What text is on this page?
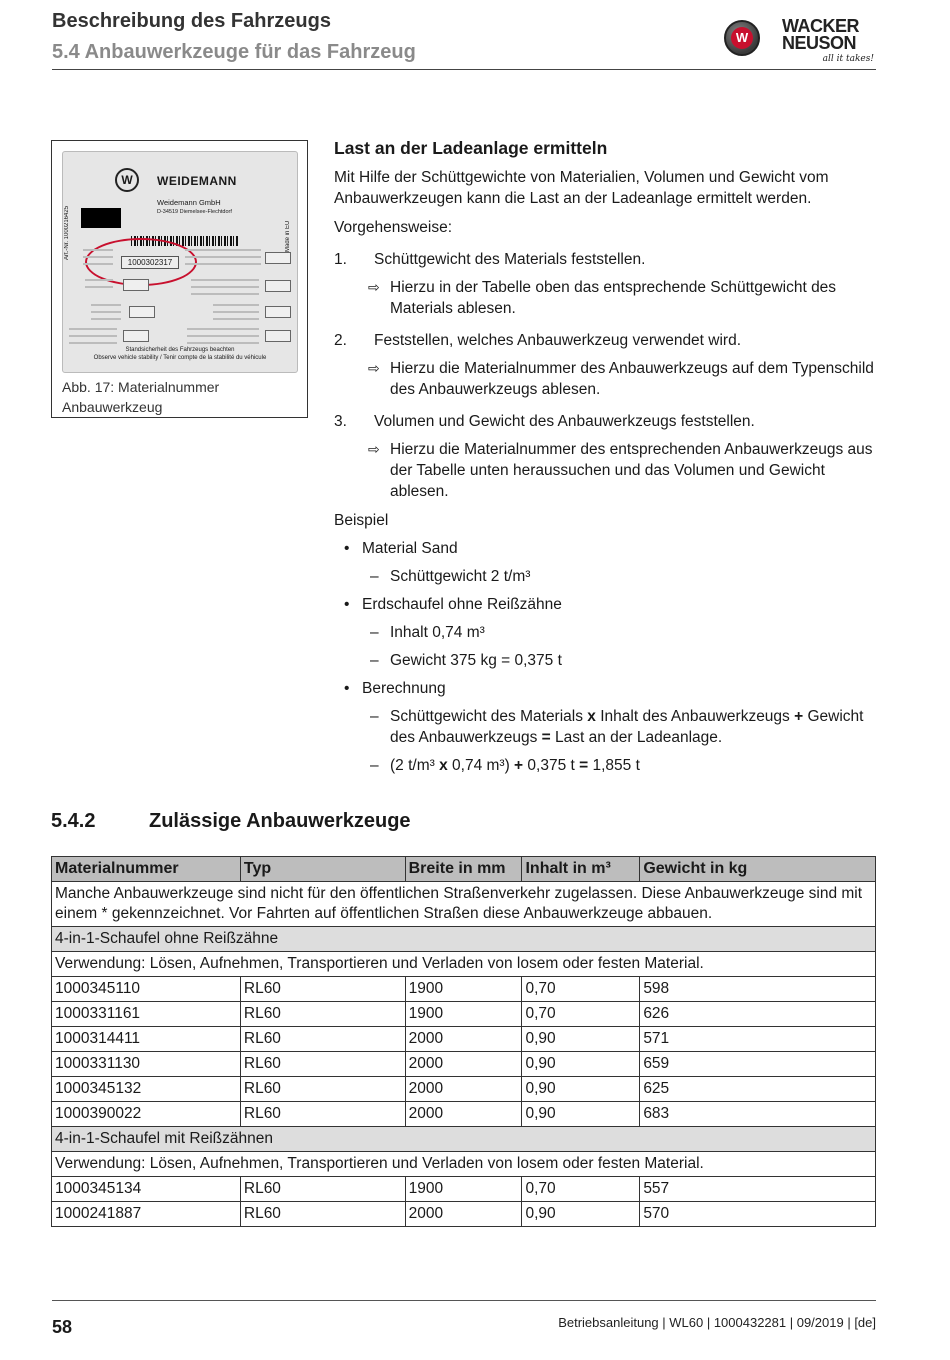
Beschreibung des Fahrzeugs
5.4 Anbauwerkzeuge für das Fahrzeug
W
WACKER
NEUSON
all it takes!
Art.-Nr. 1000216425	Made in EU
W	WEIDEMANN
Weidemann GmbH
D-34519 Diemelsee-Flechtdorf
1000302317
Standsicherheit des Fahrzeugs beachten
Observe vehicle stability / Tenir compte de la stabilité du véhicule
Abb. 17: Materialnummer Anbauwerkzeug
Last an der Ladeanlage ermitteln

Mit Hilfe der Schüttgewichte von Materialien, Volumen und Gewicht vom Anbauwerkzeugen kann die Last an der Ladeanlage ermittelt werden.

Vorgehensweise:

1. Schüttgewicht des Materials feststellen.
⇨ Hierzu in der Tabelle oben das entsprechende Schüttgewicht des Materials ablesen.
2. Feststellen, welches Anbauwerkzeug verwendet wird.
⇨ Hierzu die Materialnummer des Anbauwerkzeugs auf dem Typenschild des Anbauwerkzeugs ablesen.
3. Volumen und Gewicht des Anbauwerkzeugs feststellen.
⇨ Hierzu die Materialnummer des entsprechenden Anbauwerkzeugs aus der Tabelle unten heraussuchen und das Volumen und Gewicht ablesen.

Beispiel

• Material Sand
– Schüttgewicht 2 t/m³
• Erdschaufel ohne Reißzähne
– Inhalt 0,74 m³
– Gewicht 375 kg = 0,375 t
• Berechnung
– Schüttgewicht des Materials x Inhalt des Anbauwerkzeugs + Gewicht des Anbauwerkzeugs = Last an der Ladeanlage.
– (2 t/m³ x 0,74 m³) + 0,375 t = 1,855 t
5.4.2	Zulässige Anbauwerkzeuge
Materialnummer	Typ	Breite in mm	Inhalt in m³	Gewicht in kg
Manche Anbauwerkzeuge sind nicht für den öffentlichen Straßenverkehr zugelassen. Diese Anbauwerkzeuge sind mit einem * gekennzeichnet. Vor Fahrten auf öffentlichen Straßen diese Anbauwerkzeuge abbauen.				
4-in-1-Schaufel ohne Reißzähne				
Verwendung: Lösen, Aufnehmen, Transportieren und Verladen von losem oder festen Material.				
1000345110	RL60	1900	0,70	598
1000331161	RL60	1900	0,70	626
1000314411	RL60	2000	0,90	571
1000331130	RL60	2000	0,90	659
1000345132	RL60	2000	0,90	625
1000390022	RL60	2000	0,90	683
4-in-1-Schaufel mit Reißzähnen				
Verwendung: Lösen, Aufnehmen, Transportieren und Verladen von losem oder festen Material.				
1000345134	RL60	1900	0,70	557
1000241887	RL60	2000	0,90	570
58	Betriebsanleitung | WL60 | 1000432281 | 09/2019 | [de]
